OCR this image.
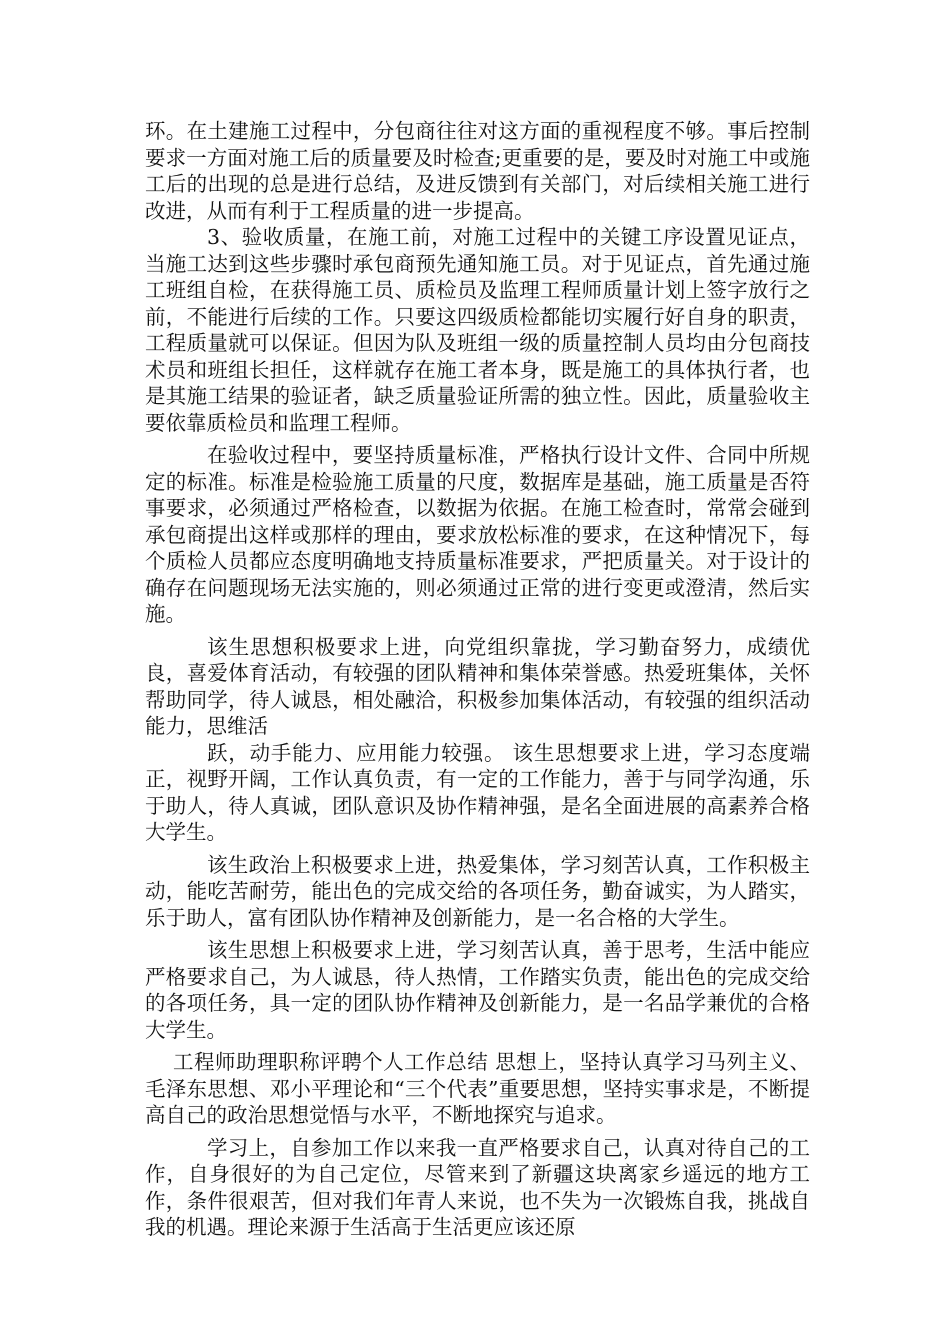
环。在土建施工过程中，分包商往往对这方面的重视程度不够。事后控制要求一方面对施工后的质量要及时检查;更重要的是，要及时对施工中或施工后的出现的总是进行总结，及进反馈到有关部门，对后续相关施工进行改进，从而有利于工程质量的进一步提高。

3、验收质量，在施工前，对施工过程中的关键工序设置见证点，当施工达到这些步骤时承包商预先通知施工员。对于见证点，首先通过施工班组自检，在获得施工员、质检员及监理工程师质量计划上签字放行之前，不能进行后续的工作。只要这四级质检都能切实履行好自身的职责，工程质量就可以保证。但因为队及班组一级的质量控制人员均由分包商技术员和班组长担任，这样就存在施工者本身，既是施工的具体执行者，也是其施工结果的验证者，缺乏质量验证所需的独立性。因此，质量验收主要依靠质检员和监理工程师。

在验收过程中，要坚持质量标准，严格执行设计文件、合同中所规定的标准。标准是检验施工质量的尺度，数据库是基础，施工质量是否符事要求，必须通过严格检查，以数据为依据。在施工检查时，常常会碰到承包商提出这样或那样的理由，要求放松标准的要求，在这种情况下，每个质检人员都应态度明确地支持质量标准要求，严把质量关。对于设计的确存在问题现场无法实施的，则必须通过正常的进行变更或澄清，然后实施。

该生思想积极要求上进，向党组织靠拢，学习勤奋努力，成绩优良，喜爱体育活动，有较强的团队精神和集体荣誉感。热爱班集体，关怀帮助同学，待人诚恳，相处融洽，积极参加集体活动，有较强的组织活动能力，思维活

跃，动手能力、应用能力较强。 该生思想要求上进，学习态度端正，视野开阔，工作认真负责，有一定的工作能力，善于与同学沟通，乐于助人，待人真诚，团队意识及协作精神强，是名全面进展的高素养合格大学生。

该生政治上积极要求上进，热爱集体，学习刻苦认真，工作积极主动，能吃苦耐劳，能出色的完成交给的各项任务，勤奋诚实，为人踏实，乐于助人，富有团队协作精神及创新能力，是一名合格的大学生。

该生思想上积极要求上进，学习刻苦认真，善于思考，生活中能应严格要求自己，为人诚恳，待人热情，工作踏实负责，能出色的完成交给的各项任务，具一定的团队协作精神及创新能力，是一名品学兼优的合格大学生。

工程师助理职称评聘个人工作总结 思想上，坚持认真学习马列主义、毛泽东思想、邓小平理论和“三个代表”重要思想，坚持实事求是，不断提高自己的政治思想觉悟与水平，不断地探究与追求。

学习上，自参加工作以来我一直严格要求自己，认真对待自己的工作，自身很好的为自己定位，尽管来到了新疆这块离家乡遥远的地方工作，条件很艰苦，但对我们年青人来说，也不失为一次锻炼自我，挑战自我的机遇。理论来源于生活高于生活更应该还原
